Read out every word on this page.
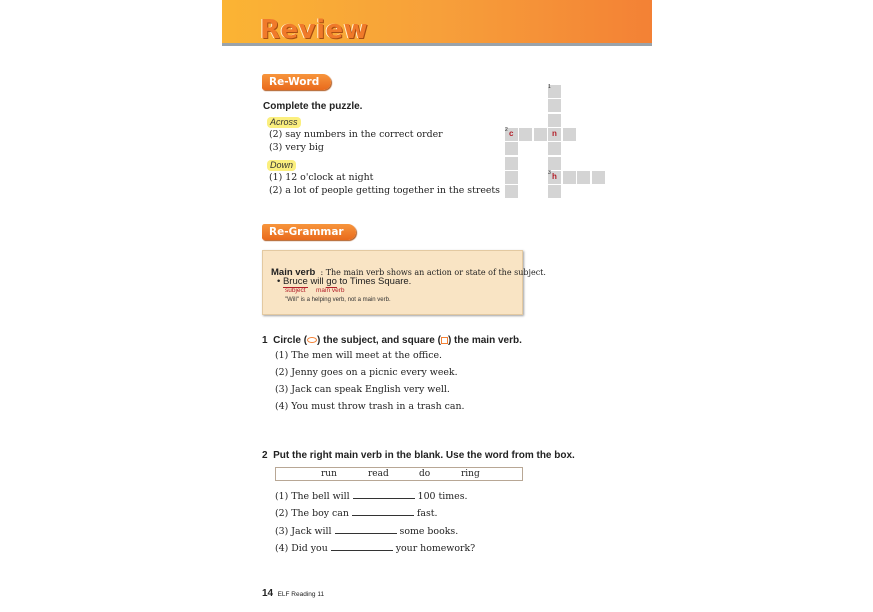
Review
Re-Word
Complete the puzzle.
Across
(2) say numbers in the correct order
(3) very big
Down
(1) 12 o'clock at night
(2) a lot of people getting together in the streets
1
n
3 h
2 c
Re-Grammar
Main verb : The main verb shows an action or state of the subject.
• Bruce will go to Times Square.
subject main verb
"Will" is a helping verb, not a main verb.
1 Circle ( ) the subject, and square ( ) the main verb.
(1) The men will meet at the office.
(2) Jenny goes on a picnic every week.
(3) Jack can speak English very well.
(4) You must throw trash in a trash can.
2 Put the right main verb in the blank. Use the word from the box.
run	read	do	ring
(1) The bell will	100 times.
(2) The boy can	fast.
(3) Jack will	some books.
(4) Did you	your homework?
14 ELF Reading 11
